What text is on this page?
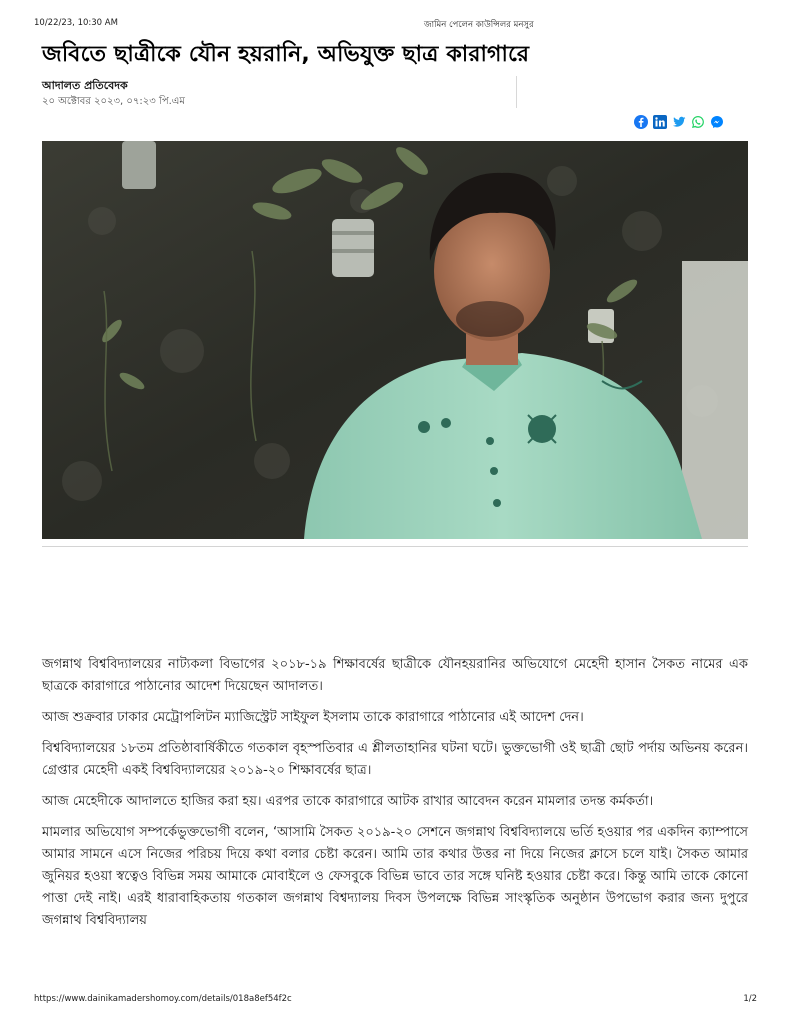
10/22/23, 10:30 AM	জামিন পেলেন কাউন্সিলর মনসুর
জবিতে ছাত্রীকে যৌন হয়রানি, অভিযুক্ত ছাত্র কারাগারে
আদালত প্রতিবেদক
২০ অক্টোবর ২০২৩, ০৭:২৩ পি.এম

জগন্নাথ বিশ্ববিদ্যালয়ের নাট্যকলা বিভাগের ২০১৮-১৯ শিক্ষাবর্ষের ছাত্রীকে যৌনহয়রানির অভিযোগে মেহেদী হাসান সৈকত নামের এক ছাত্রকে কারাগারে পাঠানোর আদেশ দিয়েছেন আদালত।

আজ শুক্রবার ঢাকার মেট্রোপলিটন ম্যাজিস্ট্রেট সাইফুল ইসলাম তাকে কারাগারে পাঠানোর এই আদেশ দেন।

বিশ্ববিদ্যালয়ের ১৮তম প্রতিষ্ঠাবার্ষিকীতে গতকাল বৃহস্পতিবার এ শ্লীলতাহানির ঘটনা ঘটে। ভুক্তভোগী ওই ছাত্রী ছোট পর্দায় অভিনয় করেন। গ্রেপ্তার মেহেদী একই বিশ্ববিদ্যালয়ের ২০১৯-২০ শিক্ষাবর্ষের ছাত্র।

আজ মেহেদীকে আদালতে হাজির করা হয়। এরপর তাকে কারাগারে আটক রাখার আবেদন করেন মামলার তদন্ত কর্মকর্তা।

মামলার অভিযোগ সম্পর্কেভুক্তভোগী বলেন, ‘আসামি সৈকত ২০১৯-২০ সেশনে জগন্নাথ বিশ্ববিদ্যালয়ে ভর্তি হওয়ার পর একদিন ক্যাম্পাসে আমার সামনে এসে নিজের পরিচয় দিয়ে কথা বলার চেষ্টা করেন। আমি তার কথার উত্তর না দিয়ে নিজের ক্লাসে চলে যাই। সৈকত আমার জুনিয়র হওয়া স্বত্বেও বিভিন্ন সময় আমাকে মোবাইলে ও ফেসবুকে বিভিন্ন ভাবে তার সঙ্গে ঘনিষ্ট হওয়ার চেষ্টা করে। কিন্তু আমি তাকে কোনো পাত্তা দেই নাই। এরই ধারাবাহিকতায় গতকাল জগন্নাথ বিশ্বদ্যালয় দিবস উপলক্ষে বিভিন্ন সাংস্কৃতিক অনুষ্ঠান উপভোগ করার জন্য দুপুরে জগন্নাথ বিশ্ববিদ্যালয়

https://www.dainikamadershomoy.com/details/018a8ef54f2c	1/2
